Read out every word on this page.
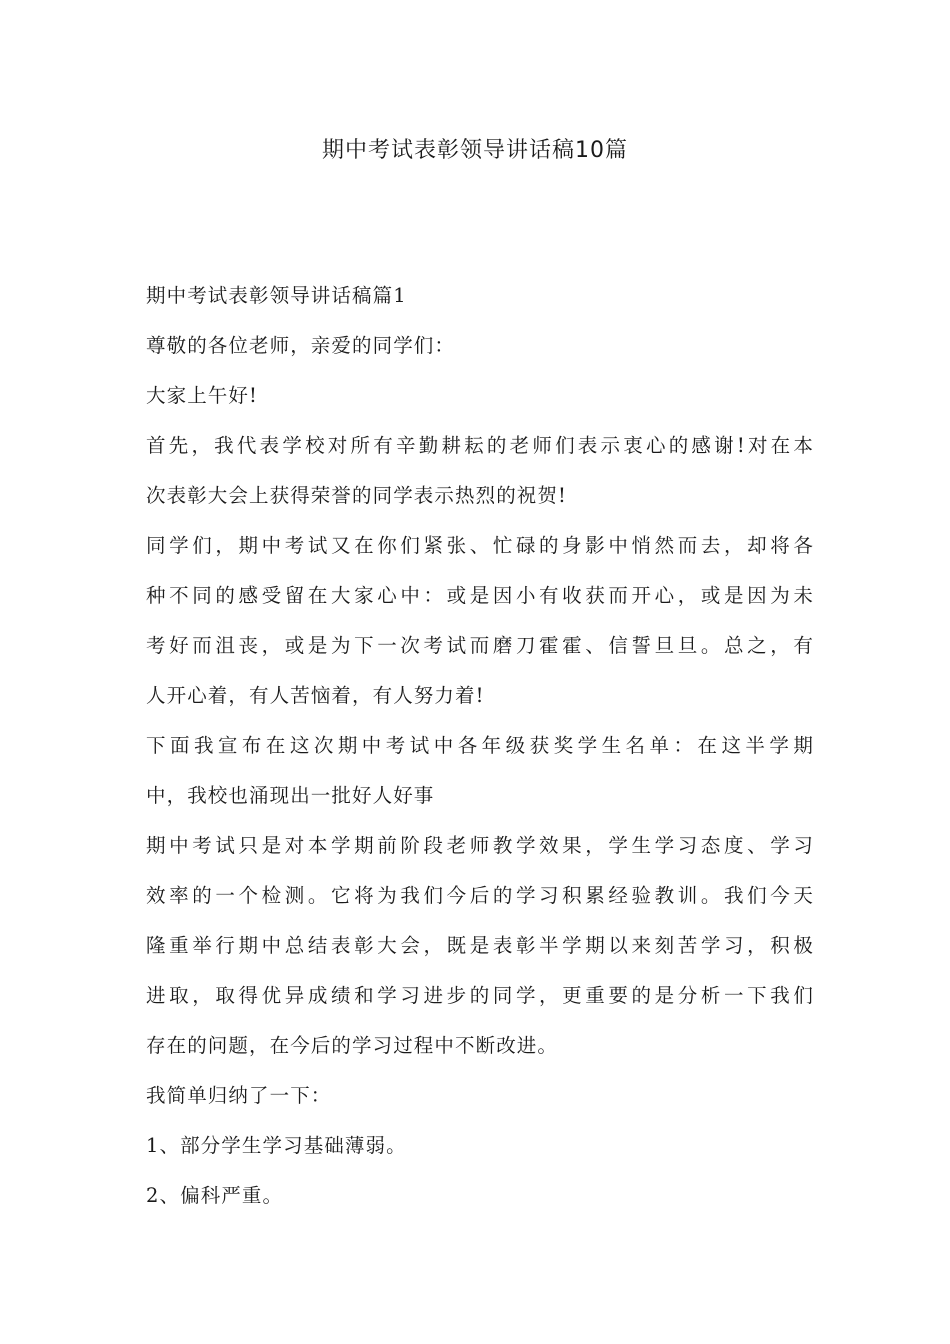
期中考试表彰领导讲话稿10篇

期中考试表彰领导讲话稿篇1

尊敬的各位老师，亲爱的同学们：

大家上午好!

首先，我代表学校对所有辛勤耕耘的老师们表示衷心的感谢!对在本

次表彰大会上获得荣誉的同学表示热烈的祝贺!

同学们，期中考试又在你们紧张、忙碌的身影中悄然而去，却将各

种不同的感受留在大家心中：或是因小有收获而开心，或是因为未

考好而沮丧，或是为下一次考试而磨刀霍霍、信誓旦旦。总之，有

人开心着，有人苦恼着，有人努力着!

下面我宣布在这次期中考试中各年级获奖学生名单：在这半学期

中，我校也涌现出一批好人好事

期中考试只是对本学期前阶段老师教学效果，学生学习态度、学习

效率的一个检测。它将为我们今后的学习积累经验教训。我们今天

隆重举行期中总结表彰大会，既是表彰半学期以来刻苦学习，积极

进取，取得优异成绩和学习进步的同学，更重要的是分析一下我们

存在的问题，在今后的学习过程中不断改进。

我简单归纳了一下：

1、部分学生学习基础薄弱。

2、偏科严重。
